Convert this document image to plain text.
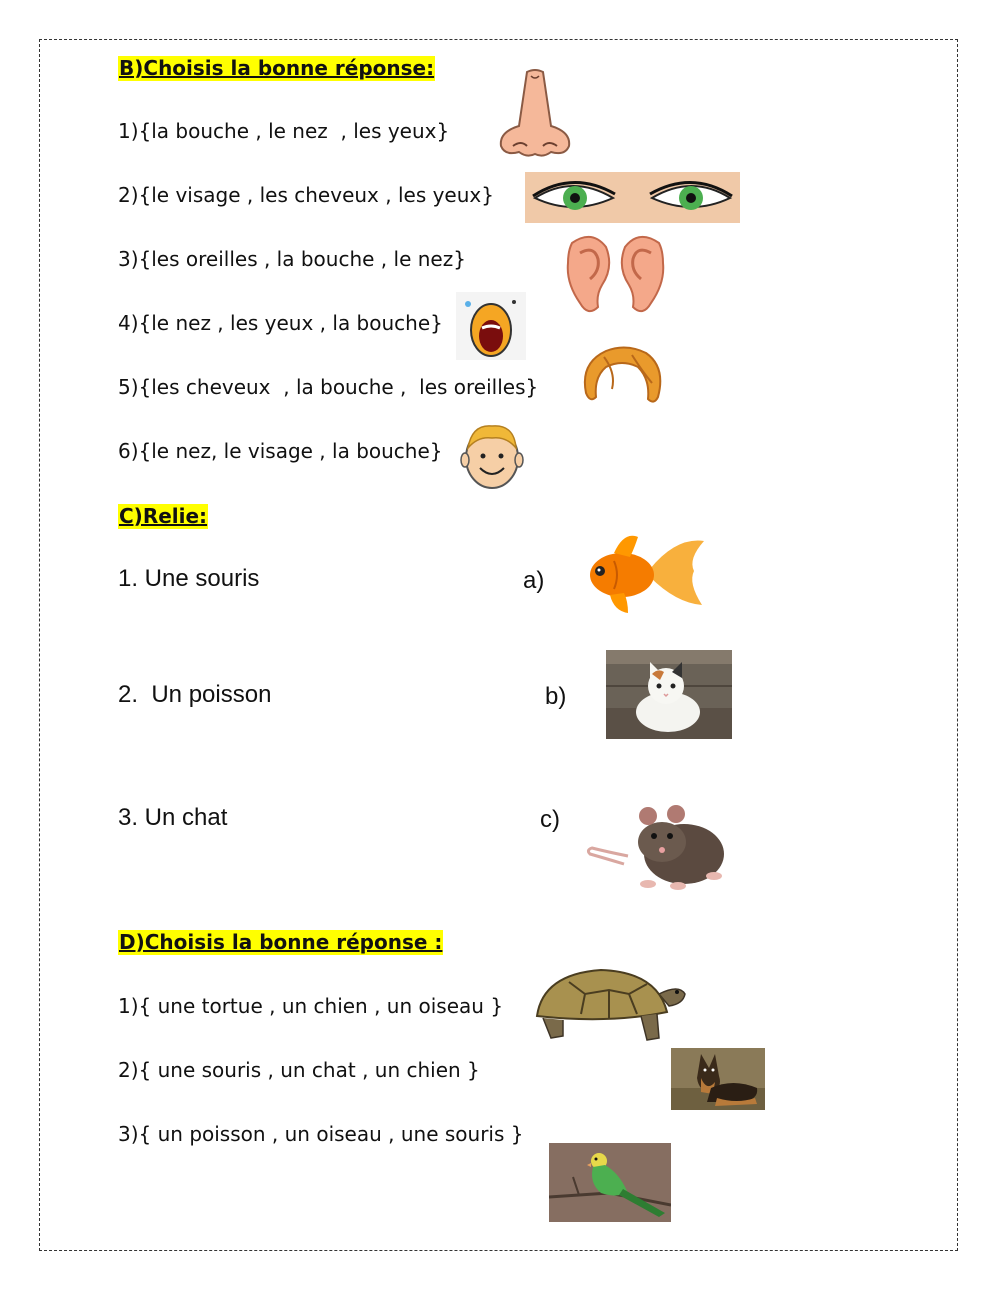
B)Choisis la bonne réponse:
1){la bouche , le nez  , les yeux}
2){le visage , les cheveux , les yeux}
3){les oreilles , la bouche , le nez}
4){le nez , les yeux , la bouche}
5){les cheveux  , la bouche ,  les oreilles}
6){le nez, le visage , la bouche}
C)Relie:
1. Une souris	a)
2.  Un poisson	b)
3. Un chat	c)
D)Choisis la bonne réponse :
1){ une tortue , un chien , un oiseau }
2){ une souris , un chat , un chien }
3){ un poisson , un oiseau , une souris }
